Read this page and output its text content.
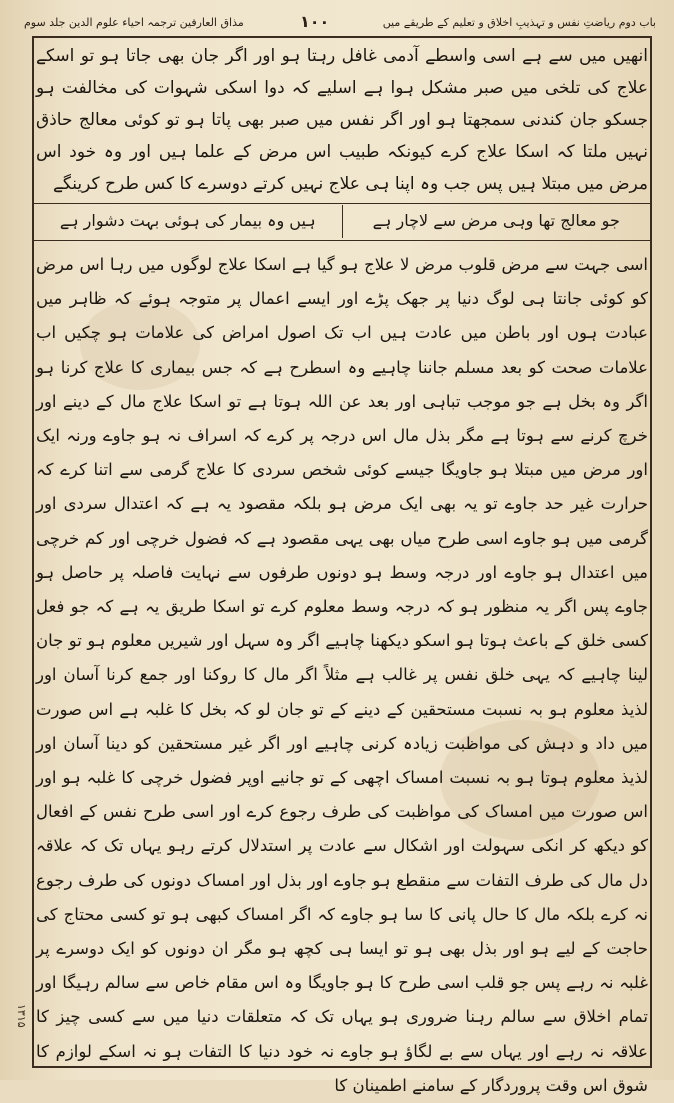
باب دوم ریاضتِ نفس و تہذیبِ اخلاق و تعلیم کے طریقے میں
۱۰۰
مذاق العارفین ترجمہ احیاء علوم الدین جلد سوم
انھیں میں سے ہے اسی واسطے آدمی غافل رہتا ہو اور اگر جان بھی جاتا ہو تو اسکے علاج کی تلخی میں صبر مشکل ہوا ہے اسلیے کہ دوا اسکی شہوات کی مخالفت ہو جسکو جان کندنی سمجھتا ہو اور اگر نفس میں صبر بھی پاتا ہو تو کوئی معالج حاذق نہیں ملتا کہ اسکا علاج کرے کیونکہ طبیب اس مرض کے علما ہیں اور وہ خود اس مرض میں مبتلا ہیں پس جب وہ اپنا ہی علاج نہیں کرتے دوسرے کا کس طرح کرینگے
جو معالج تھا وہی مرض سے لاچار ہے
ہیں وہ بیمار کی ہوئی بہت دشوار ہے

اسی جہت سے مرض قلوب مرض لا علاج ہو گیا ہے اسکا علاج لوگوں میں رہا اس مرض کو کوئی جانتا ہی لوگ دنیا پر جھک پڑے اور ایسے اعمال پر متوجہ ہوئے کہ ظاہر میں عبادت ہوں اور باطن میں عادت ہیں اب تک اصول امراض کی علامات ہو چکیں اب علامات صحت کو بعد مسلم جاننا چاہیے وہ اسطرح ہے کہ جس بیماری کا علاج کرنا ہو اگر وہ بخل ہے جو موجب تباہی اور بعد عن اللہ ہوتا ہے تو اسکا علاج مال کے دینے اور خرچ کرنے سے ہوتا ہے مگر بذل مال اس درجہ پر کرے کہ اسراف نہ ہو جاوے ورنہ ایک اور مرض میں مبتلا ہو جاویگا جیسے کوئی شخص سردی کا علاج گرمی سے اتنا کرے کہ حرارت غیر حد جاوے تو یہ بھی ایک مرض ہو بلکہ مقصود یہ ہے کہ اعتدال سردی اور گرمی میں ہو جاوے اسی طرح میاں بھی یہی مقصود ہے کہ فضول خرچی اور کم خرچی میں اعتدال ہو جاوے اور درجہ وسط ہو دونوں طرفوں سے نہایت فاصلہ پر حاصل ہو جاوے پس اگر یہ منظور ہو کہ درجہ وسط معلوم کرے تو اسکا طریق یہ ہے کہ جو فعل کسی خلق کے باعث ہوتا ہو اسکو دیکھنا چاہیے اگر وہ سہل اور شیریں معلوم ہو تو جان لینا چاہیے کہ یہی خلق نفس پر غالب ہے مثلاً اگر مال کا روکنا اور جمع کرنا آسان اور لذیذ معلوم ہو بہ نسبت مستحقین کے دینے کے تو جان لو کہ بخل کا غلبہ ہے اس صورت میں داد و دہش کی مواظبت زیادہ کرنی چاہیے اور اگر غیر مستحقین کو دینا آسان اور لذیذ معلوم ہوتا ہو بہ نسبت امساک اچھی کے تو جانیے اوپر فضول خرچی کا غلبہ ہو اور اس صورت میں امساک کی مواظبت کی طرف رجوع کرے اور اسی طرح نفس کے افعال کو دیکھ کر انکی سہولت اور اشکال سے عادت پر استدلال کرتے رہو یہاں تک کہ علاقہ دل مال کی طرف التفات سے منقطع ہو جاوے اور بذل اور امساک دونوں کی طرف رجوع نہ کرے بلکہ مال کا حال پانی کا سا ہو جاوے کہ اگر امساک کبھی ہو تو کسی محتاج کی حاجت کے لیے ہو اور بذل بھی ہو تو ایسا ہی کچھ ہو مگر ان دونوں کو ایک دوسرے پر غلبہ نہ رہے پس جو قلب اسی طرح کا ہو جاویگا وہ اس مقام خاص سے سالم رہیگا اور تمام اخلاق سے سالم رہنا ضروری ہو یہاں تک کہ متعلقات دنیا میں سے کسی چیز کا علاقہ نہ رہے اور یہاں سے بے لگاؤ ہو جاوے نہ خود دنیا کا التفات ہو نہ اسکے لوازم کا شوق اس وقت پروردگار کے سامنے اطمینان کا

۱۳۱۵
